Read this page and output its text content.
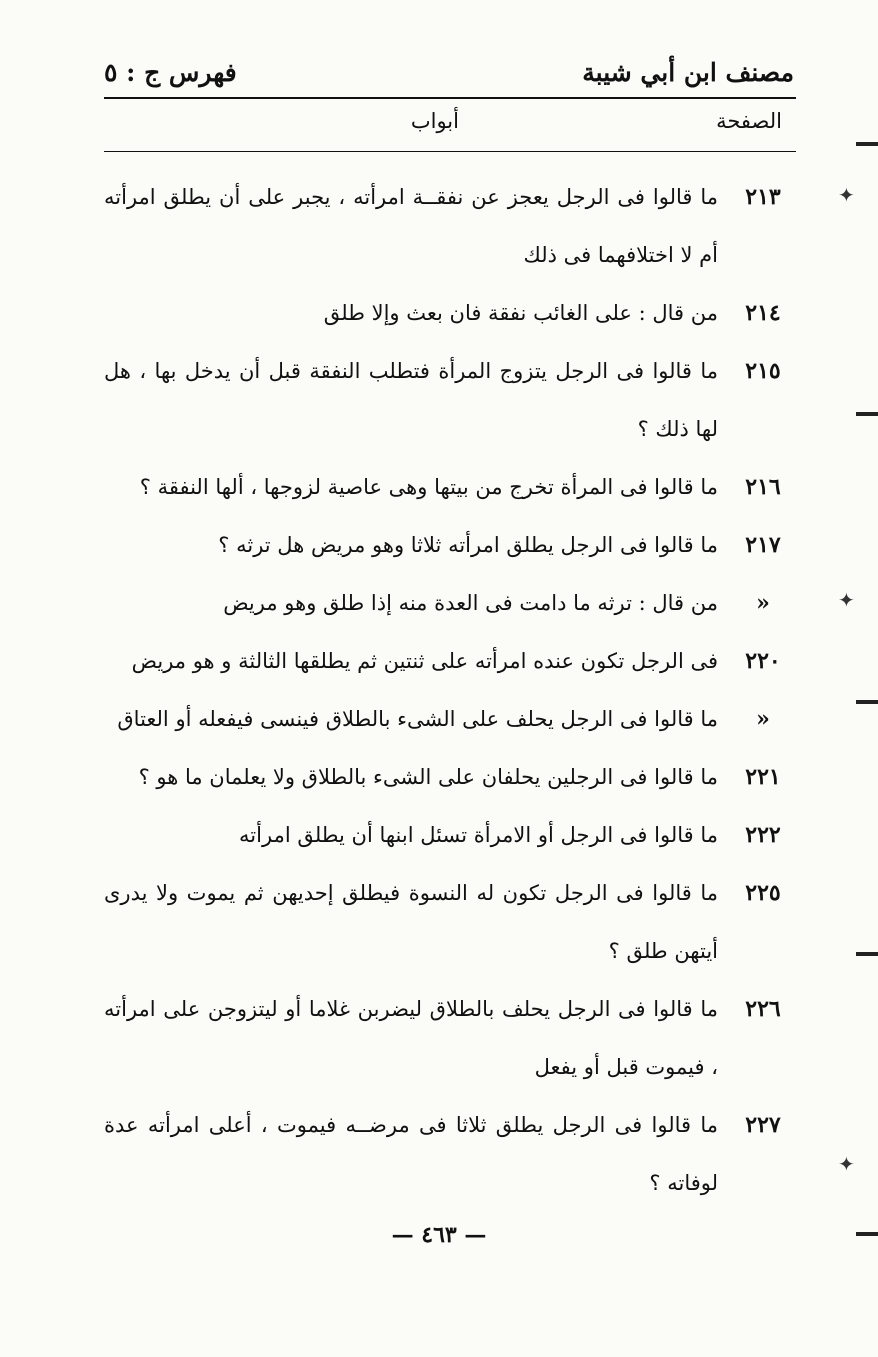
مصنف ابن أبي شيبة
فهرس ج : ٥
الصفحة
أبواب
٢١٣
ما قالوا فى الرجل يعجز عن نفقــة امرأته ، يجبر على أن يطلق امرأته أم لا اختلافهما فى ذلك
٢١٤
من قال : على الغائب نفقة فان بعث وإلا طلق
٢١٥
ما قالوا فى الرجل يتزوج المرأة فتطلب النفقة قبل أن يدخل بها ، هل لها ذلك ؟
٢١٦
ما قالوا فى المرأة تخرج من بيتها وهى عاصية لزوجها ، ألها النفقة ؟
٢١٧
ما قالوا فى الرجل يطلق امرأته ثلاثا وهو مريض هل ترثه ؟
«
من قال : ترثه ما دامت فى العدة منه إذا طلق وهو مريض
٢٢٠
فى الرجل تكون عنده امرأته على ثنتين ثم يطلقها الثالثة و هو مريض
«
ما قالوا فى الرجل يحلف على الشىء بالطلاق فينسى فيفعله أو العتاق
٢٢١
ما قالوا فى الرجلين يحلفان على الشىء بالطلاق ولا يعلمان ما هو ؟
٢٢٢
ما قالوا فى الرجل أو الامرأة تسئل ابنها أن يطلق امرأته
٢٢٥
ما قالوا فى الرجل تكون له النسوة فيطلق إحديهن ثم يموت ولا يدرى أيتهن طلق ؟
٢٢٦
ما قالوا فى الرجل يحلف بالطلاق ليضربن غلاما أو ليتزوجن على امرأته ، فيموت قبل أو يفعل
٢٢٧
ما قالوا فى الرجل يطلق ثلاثا فى مرضــه فيموت ، أعلى امرأته عدة لوفاته ؟
— ٤٦٣ —
✦
✦
✦
